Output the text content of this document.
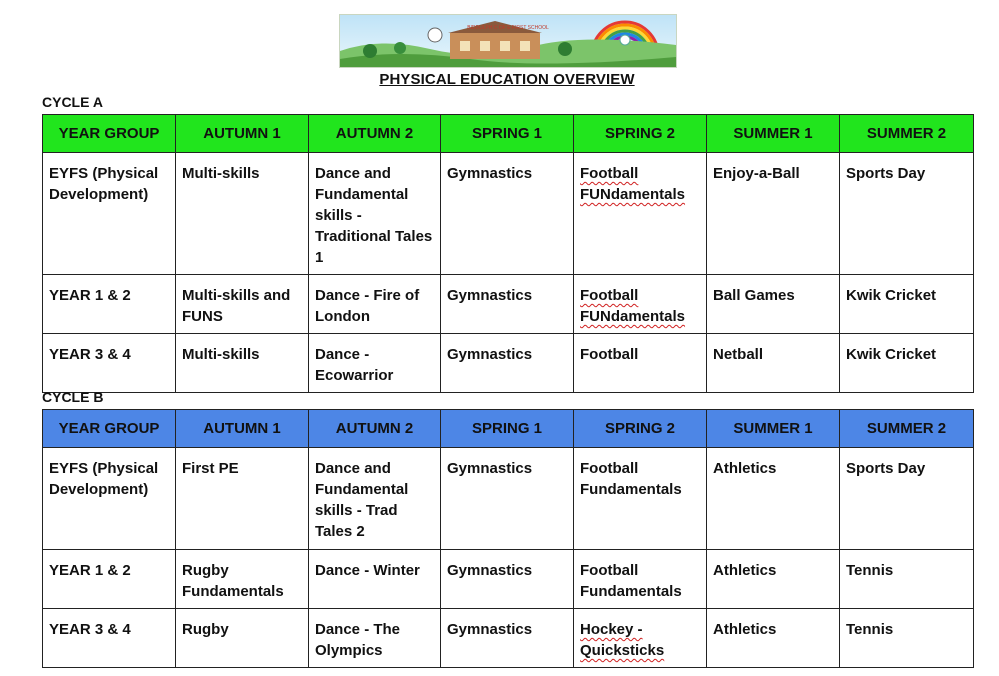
BIDDULPH C OF E FIRST SCHOOL
PHYSICAL EDUCATION OVERVIEW
CYCLE A
YEAR GROUP	AUTUMN 1	AUTUMN 2	SPRING 1	SPRING 2	SUMMER 1	SUMMER 2
EYFS (Physical Development)	Multi-skills	Dance and Fundamental skills - Traditional Tales 1	Gymnastics	Football FUNdamentals	Enjoy-a-Ball	Sports Day
YEAR 1 & 2	Multi-skills and FUNS	Dance - Fire of London	Gymnastics	Football FUNdamentals	Ball Games	Kwik Cricket
YEAR 3 & 4	Multi-skills	Dance - Ecowarrior	Gymnastics	Football	Netball	Kwik Cricket
CYCLE B
YEAR GROUP	AUTUMN 1	AUTUMN 2	SPRING 1	SPRING 2	SUMMER 1	SUMMER 2
EYFS (Physical Development)	First PE	Dance and Fundamental skills - Trad Tales 2	Gymnastics	Football Fundamentals	Athletics	Sports Day
YEAR 1 & 2	Rugby Fundamentals	Dance - Winter	Gymnastics	Football Fundamentals	Athletics	Tennis
YEAR 3 & 4	Rugby	Dance - The Olympics	Gymnastics	Hockey - Quicksticks	Athletics	Tennis
